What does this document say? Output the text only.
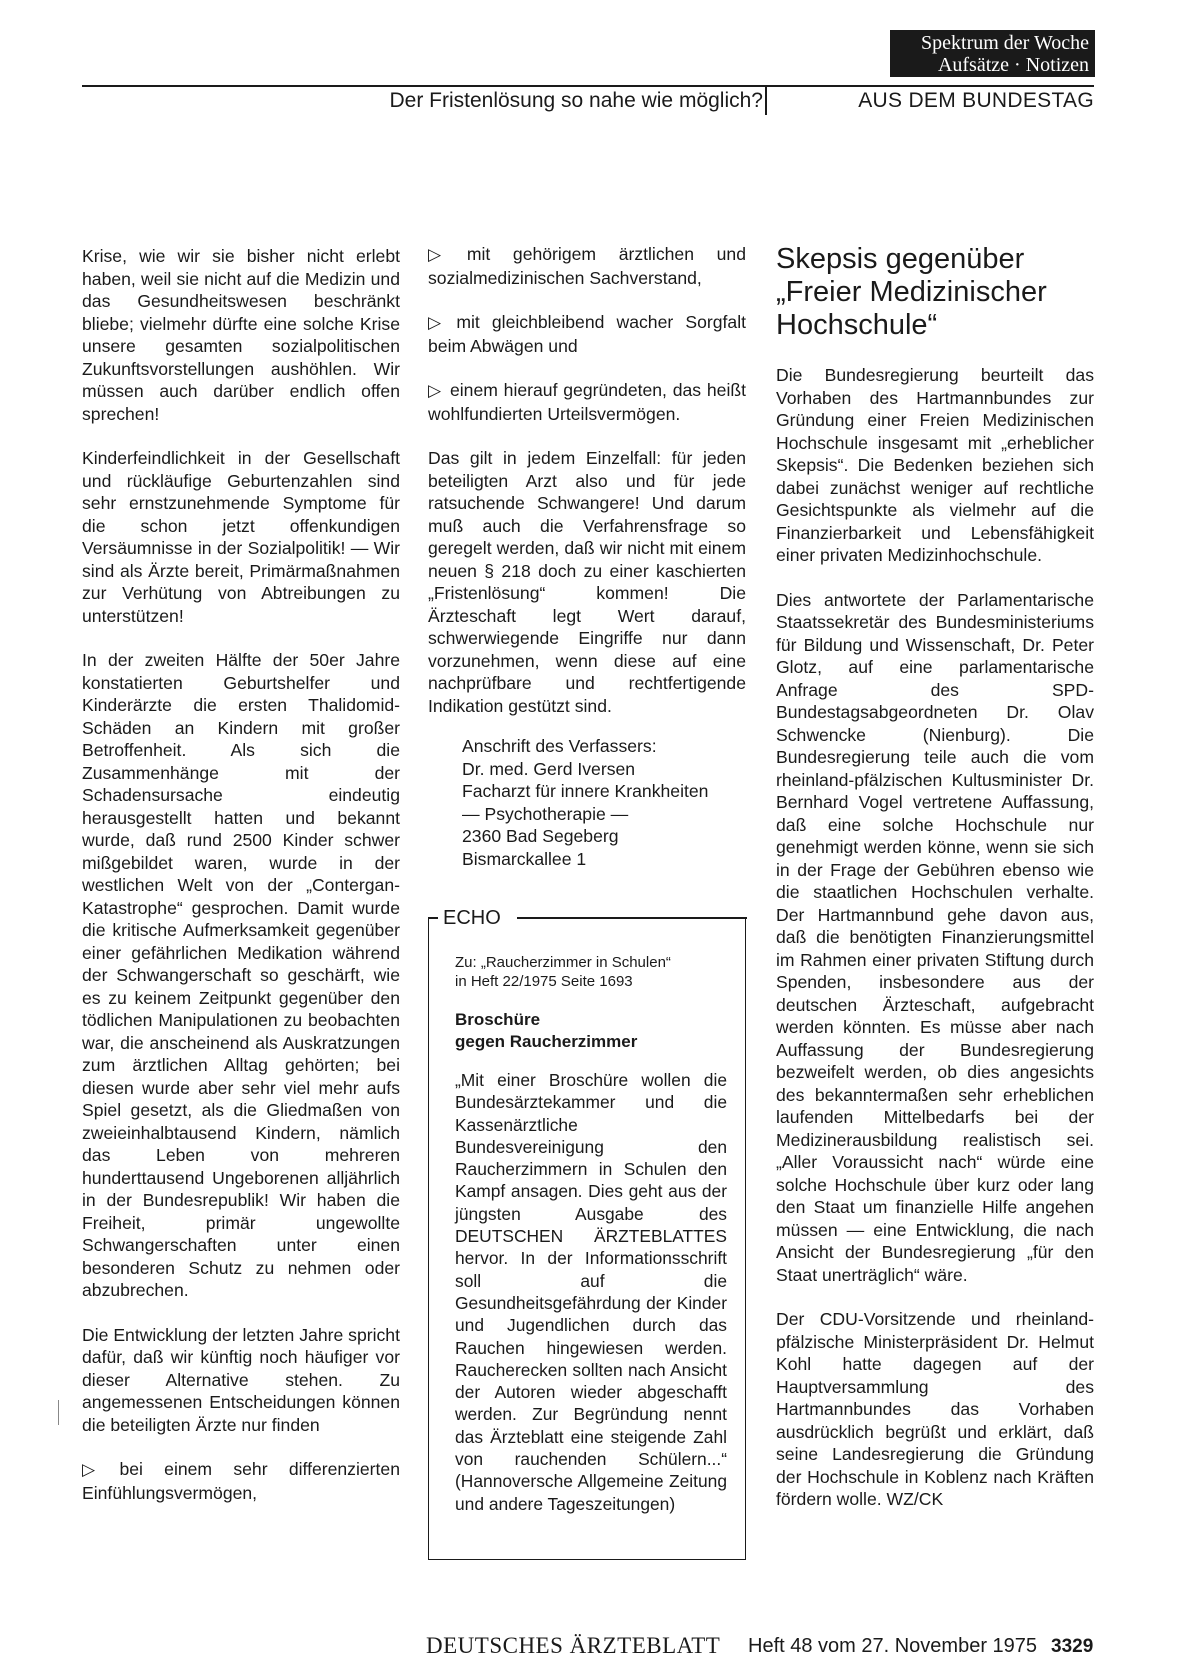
Spektrum der Woche
Aufsätze · Notizen
Der Fristenlösung so nahe wie möglich?	AUS DEM BUNDESTAG

Krise, wie wir sie bisher nicht erlebt haben, weil sie nicht auf die Medizin und das Gesundheitswesen beschränkt bliebe; vielmehr dürfte eine solche Krise unsere gesamten sozialpolitischen Zukunftsvorstellungen aushöhlen. Wir müssen auch darüber endlich offen sprechen!

Kinderfeindlichkeit in der Gesellschaft und rückläufige Geburtenzahlen sind sehr ernstzunehmende Symptome für die schon jetzt offenkundigen Versäumnisse in der Sozialpolitik! — Wir sind als Ärzte bereit, Primärmaßnahmen zur Verhütung von Abtreibungen zu unterstützen!

In der zweiten Hälfte der 50er Jahre konstatierten Geburtshelfer und Kinderärzte die ersten Thalidomid-Schäden an Kindern mit großer Betroffenheit. Als sich die Zusammenhänge mit der Schadensursache eindeutig herausgestellt hatten und bekannt wurde, daß rund 2500 Kinder schwer mißgebildet waren, wurde in der westlichen Welt von der „Contergan-Katastrophe“ gesprochen. Damit wurde die kritische Aufmerksamkeit gegenüber einer gefährlichen Medikation während der Schwangerschaft so geschärft, wie es zu keinem Zeitpunkt gegenüber den tödlichen Manipulationen zu beobachten war, die anscheinend als Auskratzungen zum ärztlichen Alltag gehörten; bei diesen wurde aber sehr viel mehr aufs Spiel gesetzt, als die Gliedmaßen von zweieinhalbtausend Kindern, nämlich das Leben von mehreren hunderttausend Ungeborenen alljährlich in der Bundesrepublik! Wir haben die Freiheit, primär ungewollte Schwangerschaften unter einen besonderen Schutz zu nehmen oder abzubrechen.

Die Entwicklung der letzten Jahre spricht dafür, daß wir künftig noch häufiger vor dieser Alternative stehen. Zu angemessenen Entscheidungen können die beteiligten Ärzte nur finden

▷ bei einem sehr differenzierten Einfühlungsvermögen,

▷ mit gehörigem ärztlichen und sozialmedizinischen Sachverstand,

▷ mit gleichbleibend wacher Sorgfalt beim Abwägen und

▷ einem hierauf gegründeten, das heißt wohlfundierten Urteilsvermögen.

Das gilt in jedem Einzelfall: für jeden beteiligten Arzt also und für jede ratsuchende Schwangere! Und darum muß auch die Verfahrensfrage so geregelt werden, daß wir nicht mit einem neuen § 218 doch zu einer kaschierten „Fristenlösung“ kommen! Die Ärzteschaft legt Wert darauf, schwerwiegende Eingriffe nur dann vorzunehmen, wenn diese auf eine nachprüfbare und rechtfertigende Indikation gestützt sind.

Anschrift des Verfassers:
Dr. med. Gerd Iversen
Facharzt für innere Krankheiten
— Psychotherapie —
2360 Bad Segeberg
Bismarckallee 1
ECHO
Zu: „Raucherzimmer in Schulen“
in Heft 22/1975 Seite 1693
Broschüre
gegen Raucherzimmer
„Mit einer Broschüre wollen die Bundesärztekammer und die Kassenärztliche Bundesvereinigung den Raucherzimmern in Schulen den Kampf ansagen. Dies geht aus der jüngsten Ausgabe des DEUTSCHEN ÄRZTEBLATTES hervor. In der Informationsschrift soll auf die Gesundheitsgefährdung der Kinder und Jugendlichen durch das Rauchen hingewiesen werden. Raucherecken sollten nach Ansicht der Autoren wieder abgeschafft werden. Zur Begründung nennt das Ärzteblatt eine steigende Zahl von rauchenden Schülern...“ (Hannoversche Allgemeine Zeitung und andere Tageszeitungen)
Skepsis gegenüber „Freier Medizinischer Hochschule“

Die Bundesregierung beurteilt das Vorhaben des Hartmannbundes zur Gründung einer Freien Medizinischen Hochschule insgesamt mit „erheblicher Skepsis“. Die Bedenken beziehen sich dabei zunächst weniger auf rechtliche Gesichtspunkte als vielmehr auf die Finanzierbarkeit und Lebensfähigkeit einer privaten Medizinhochschule.

Dies antwortete der Parlamentarische Staatssekretär des Bundesministeriums für Bildung und Wissenschaft, Dr. Peter Glotz, auf eine parlamentarische Anfrage des SPD-Bundestagsabgeordneten Dr. Olav Schwencke (Nienburg). Die Bundesregierung teile auch die vom rheinland-pfälzischen Kultusminister Dr. Bernhard Vogel vertretene Auffassung, daß eine solche Hochschule nur genehmigt werden könne, wenn sie sich in der Frage der Gebühren ebenso wie die staatlichen Hochschulen verhalte. Der Hartmannbund gehe davon aus, daß die benötigten Finanzierungsmittel im Rahmen einer privaten Stiftung durch Spenden, insbesondere aus der deutschen Ärzteschaft, aufgebracht werden könnten. Es müsse aber nach Auffassung der Bundesregierung bezweifelt werden, ob dies angesichts des bekanntermaßen sehr erheblichen laufenden Mittelbedarfs bei der Medizinerausbildung realistisch sei. „Aller Voraussicht nach“ würde eine solche Hochschule über kurz oder lang den Staat um finanzielle Hilfe angehen müssen — eine Entwicklung, die nach Ansicht der Bundesregierung „für den Staat unerträglich“ wäre.

Der CDU-Vorsitzende und rheinland-pfälzische Ministerpräsident Dr. Helmut Kohl hatte dagegen auf der Hauptversammlung des Hartmannbundes das Vorhaben ausdrücklich begrüßt und erklärt, daß seine Landesregierung die Gründung der Hochschule in Koblenz nach Kräften fördern wolle. WZ/CK

DEUTSCHES ÄRZTEBLATT Heft 48 vom 27. November 1975 3329
